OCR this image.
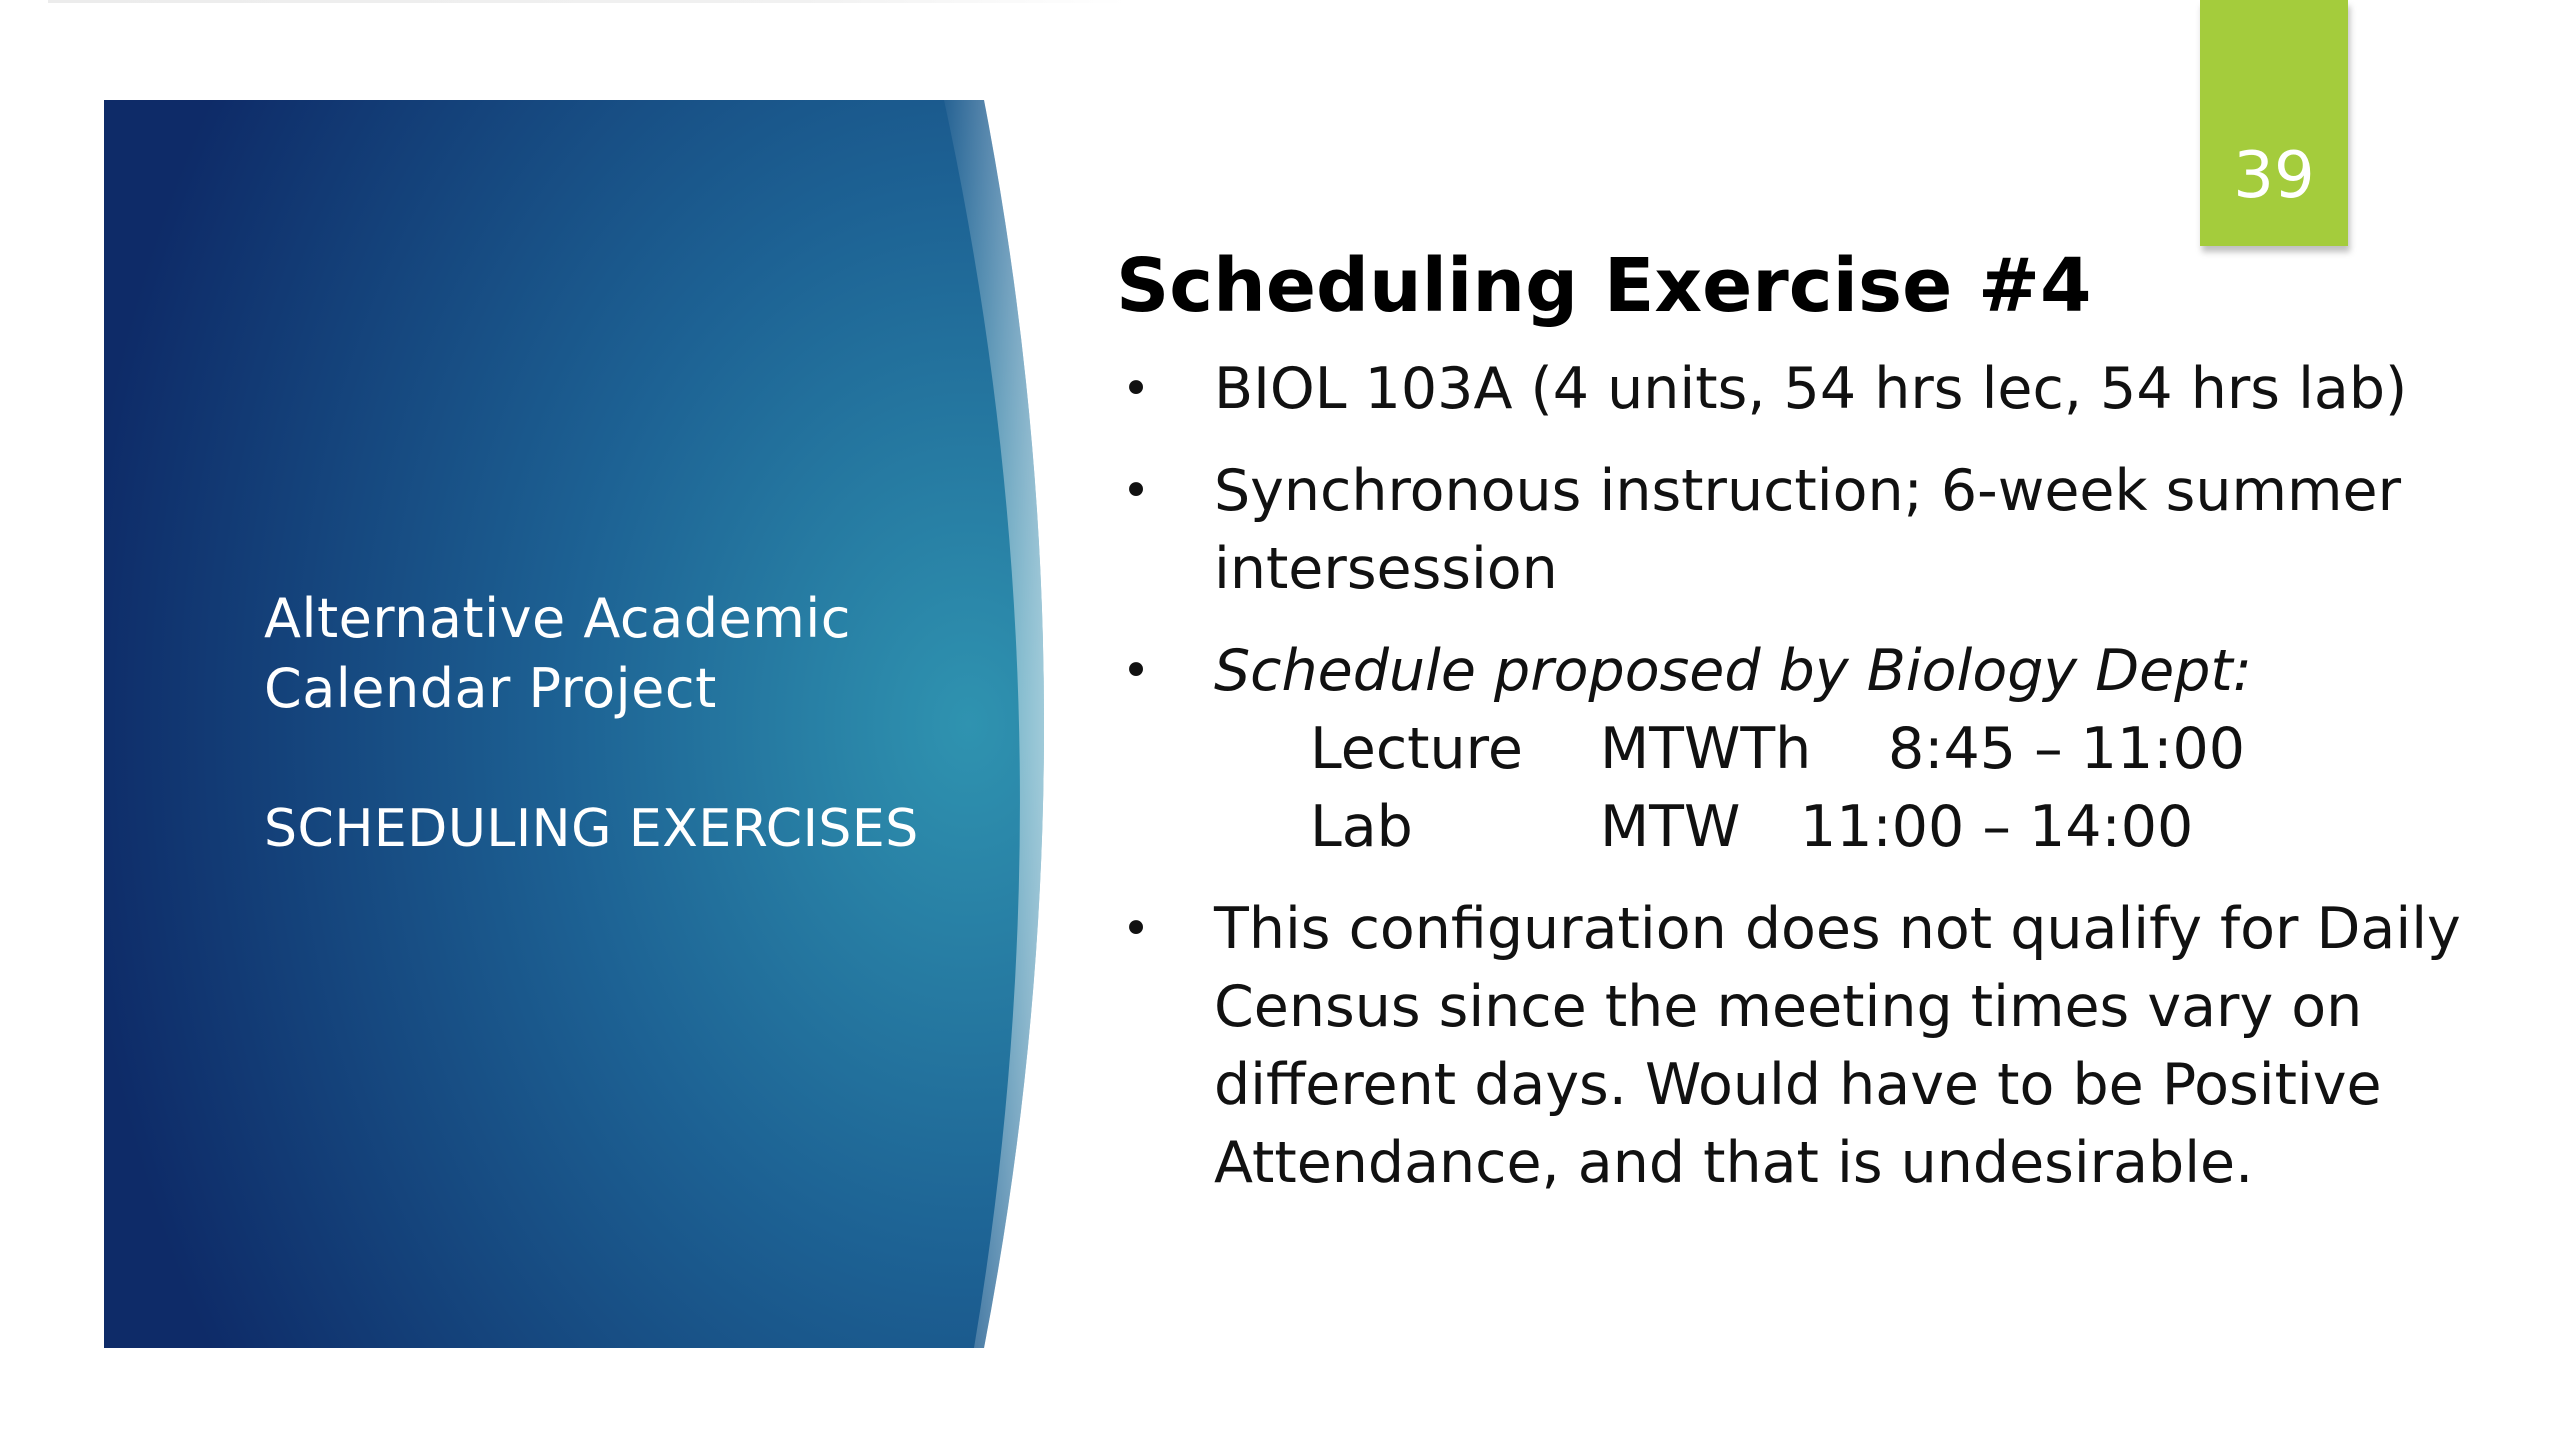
Alternative Academic
Calendar Project
SCHEDULING EXERCISES
39
Scheduling Exercise #4
• BIOL 103A (4 units, 54 hrs lec, 54 hrs lab)
• Synchronous instruction; 6-week summer
intersession
• Schedule proposed by Biology Dept:
Lecture MTWTh 8:45 – 11:00
Lab	MTW 11:00 – 14:00
• This configuration does not qualify for Daily
Census since the meeting times vary on
different days. Would have to be Positive
Attendance, and that is undesirable.
